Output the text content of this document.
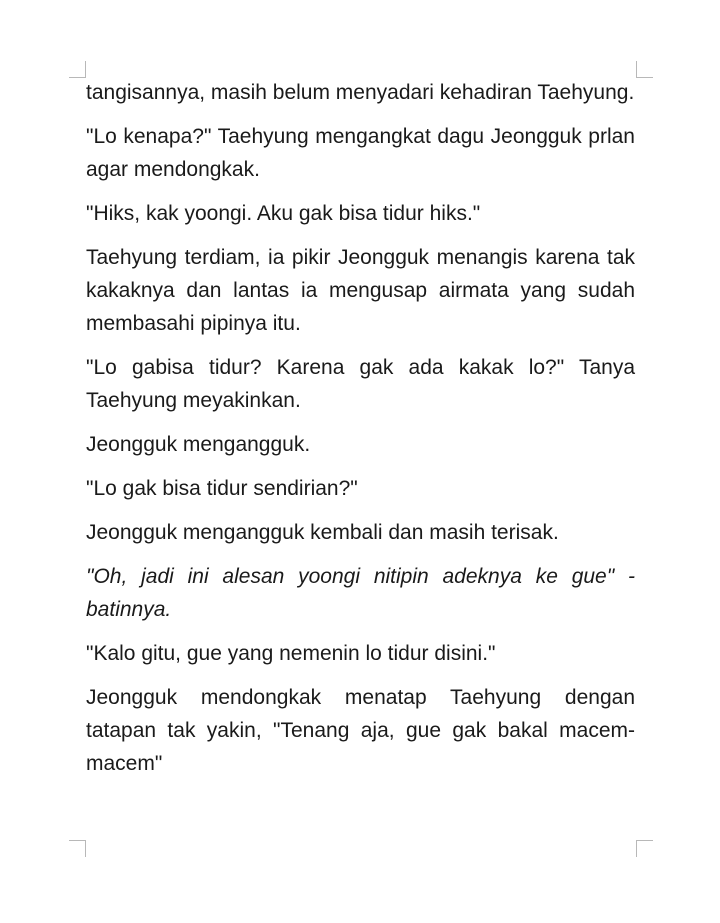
tangisannya, masih belum menyadari kehadiran Taehyung.

"Lo kenapa?" Taehyung mengangkat dagu Jeongguk prlan agar mendongkak.

"Hiks, kak yoongi. Aku gak bisa tidur hiks."

Taehyung terdiam, ia pikir Jeongguk menangis karena tak kakaknya dan lantas ia mengusap airmata yang sudah membasahi pipinya itu.

"Lo gabisa tidur? Karena gak ada kakak lo?" Tanya Taehyung meyakinkan.

Jeongguk mengangguk.

"Lo gak bisa tidur sendirian?"

Jeongguk mengangguk kembali dan masih terisak.

"Oh, jadi ini alesan yoongi nitipin adeknya ke gue" - batinnya.

"Kalo gitu, gue yang nemenin lo tidur disini."

Jeongguk mendongkak menatap Taehyung dengan tatapan tak yakin, "Tenang aja, gue gak bakal macem-macem"
